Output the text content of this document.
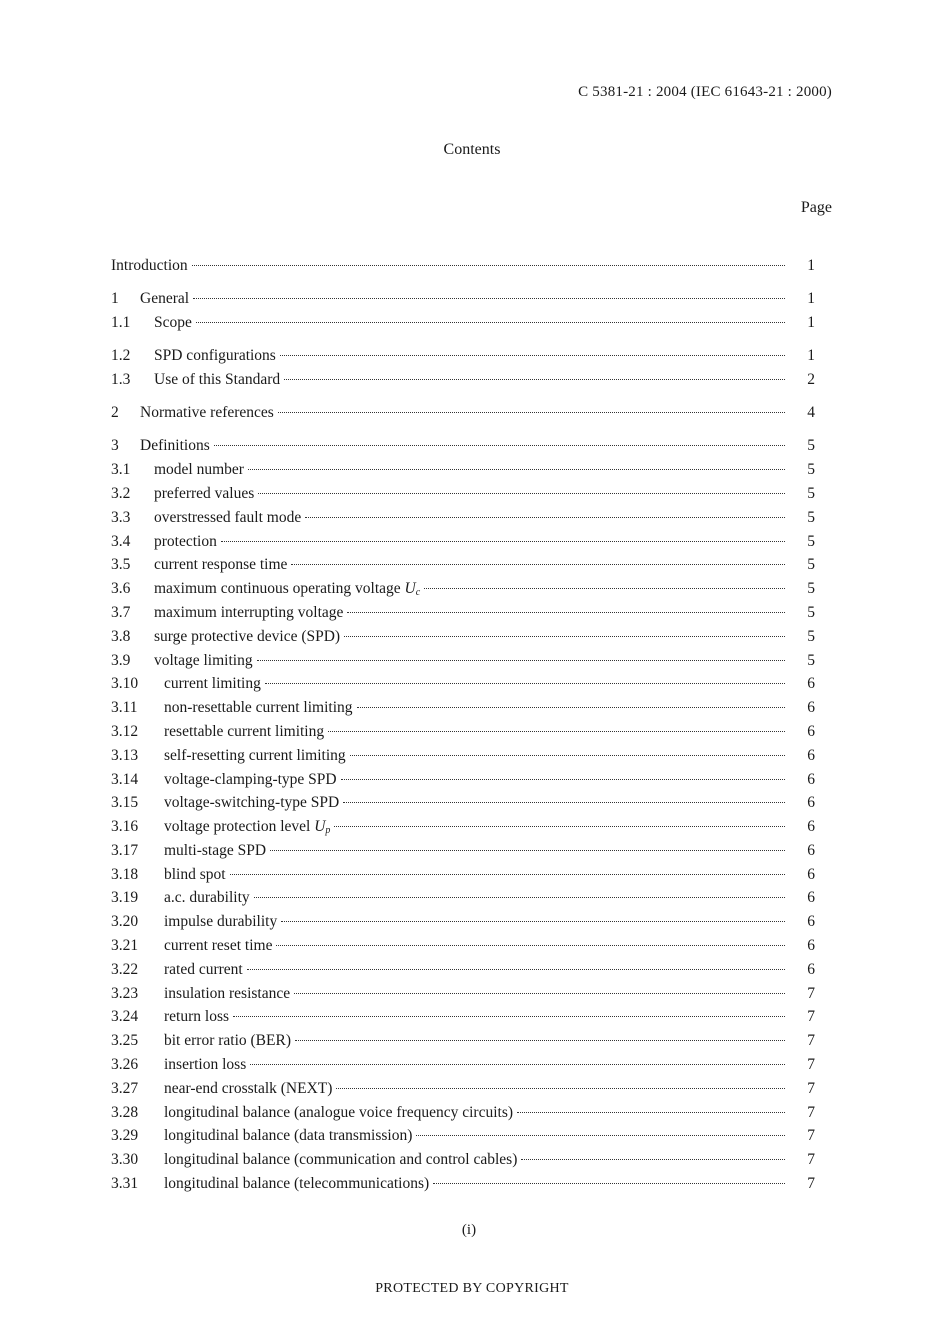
C 5381-21 : 2004 (IEC 61643-21 : 2000)
Contents
Page
Introduction	1
1	General	1
1.1	Scope	1
1.2	SPD configurations	1
1.3	Use of this Standard	2
2	Normative references	4
3	Definitions	5
3.1	model number	5
3.2	preferred values	5
3.3	overstressed fault mode	5
3.4	protection	5
3.5	current response time	5
3.6	maximum continuous operating voltage $U_c$	5
3.7	maximum interrupting voltage	5
3.8	surge protective device (SPD)	5
3.9	voltage limiting	5
3.10	current limiting	6
3.11	non-resettable current limiting	6
3.12	resettable current limiting	6
3.13	self-resetting current limiting	6
3.14	voltage-clamping-type SPD	6
3.15	voltage-switching-type SPD	6
3.16	voltage protection level $U_p$	6
3.17	multi-stage SPD	6
3.18	blind spot	6
3.19	a.c. durability	6
3.20	impulse durability	6
3.21	current reset time	6
3.22	rated current	6
3.23	insulation resistance	7
3.24	return loss	7
3.25	bit error ratio (BER)	7
3.26	insertion loss	7
3.27	near-end crosstalk (NEXT)	7
3.28	longitudinal balance (analogue voice frequency circuits)	7
3.29	longitudinal balance (data transmission)	7
3.30	longitudinal balance (communication and control cables)	7
3.31	longitudinal balance (telecommunications)	7
(i)
PROTECTED BY COPYRIGHT
